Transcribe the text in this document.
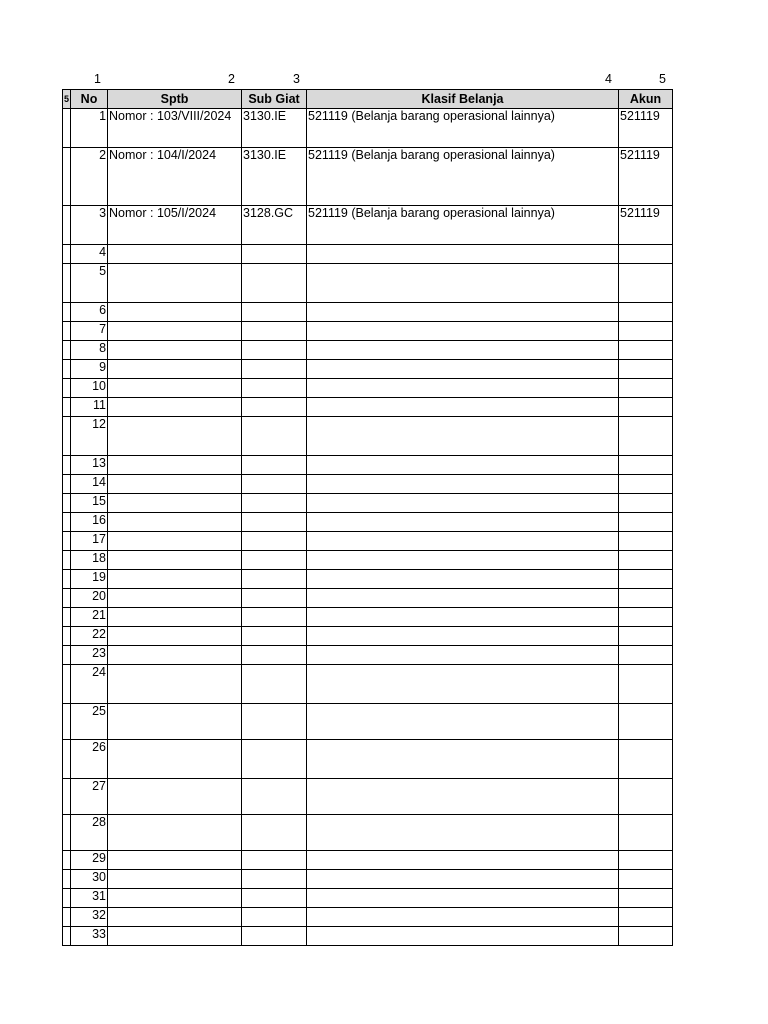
1	2	3	4	5
5	No	Sptb	Sub Giat	Klasif Belanja	Akun
	1	Nomor : 103/VIII/2024	3130.IE	521119 (Belanja barang operasional lainnya)	521119
	2	Nomor : 104/I/2024	3130.IE	521119 (Belanja barang operasional lainnya)	521119
	3	Nomor : 105/I/2024	3128.GC	521119 (Belanja barang operasional lainnya)	521119
	4				
	5				
	6				
	7				
	8				
	9				
	10				
	11				
	12				
	13				
	14				
	15				
	16				
	17				
	18				
	19				
	20				
	21				
	22				
	23				
	24				
	25				
	26				
	27				
	28				
	29				
	30				
	31				
	32				
	33				
